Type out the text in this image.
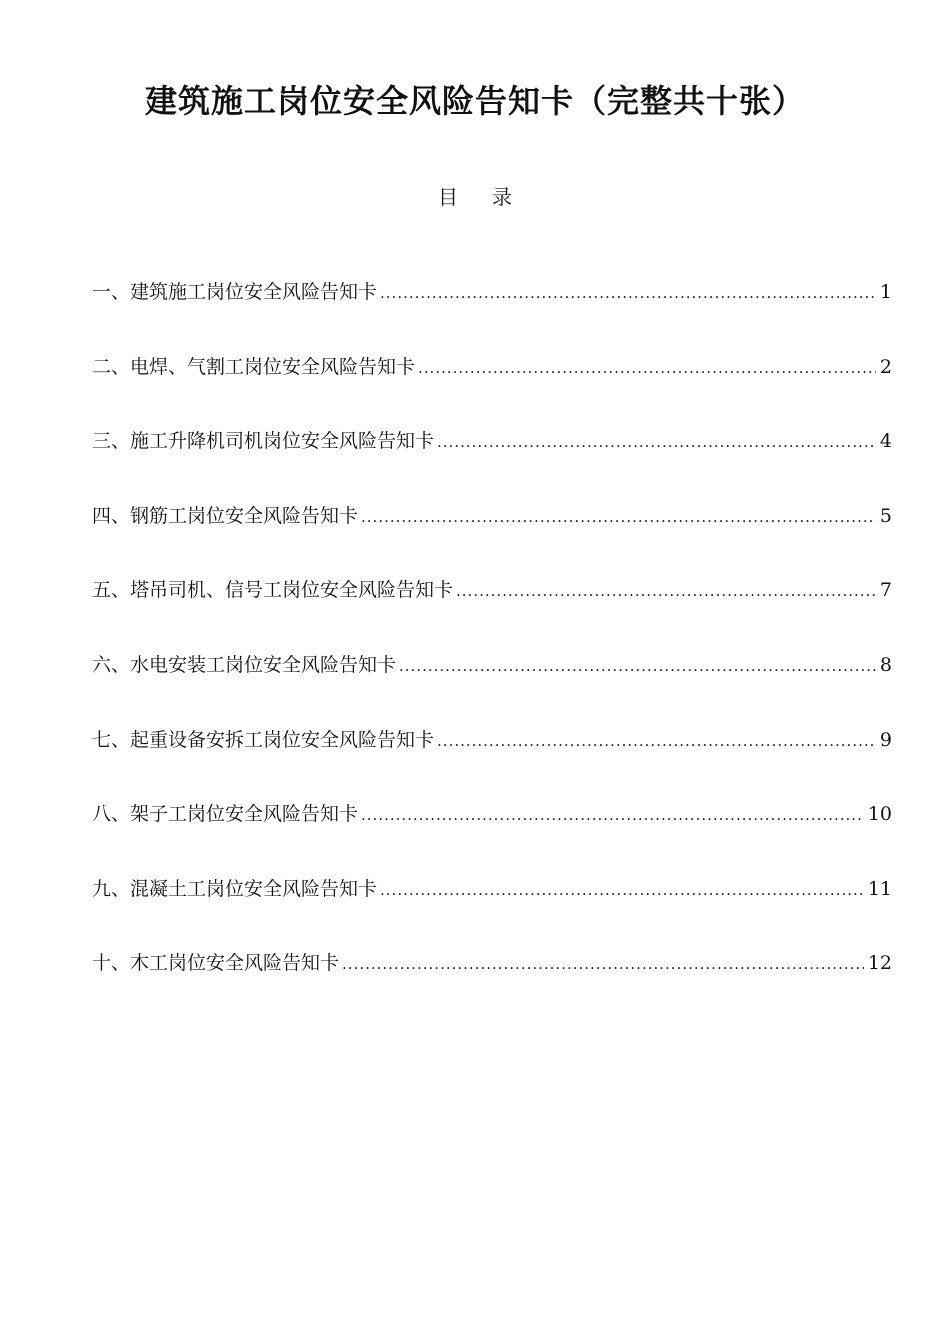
建筑施工岗位安全风险告知卡（完整共十张）
目录
一、建筑施工岗位安全风险告知卡 .....	1
二、电焊、气割工岗位安全风险告知卡 .....	2
三、施工升降机司机岗位安全风险告知卡 .....	4
四、钢筋工岗位安全风险告知卡 .....	5
五、塔吊司机、信号工岗位安全风险告知卡 .....	7
六、水电安装工岗位安全风险告知卡 .....	8
七、起重设备安拆工岗位安全风险告知卡 .....	9
八、架子工岗位安全风险告知卡 .....	10
九、混凝土工岗位安全风险告知卡 .....	11
十、木工岗位安全风险告知卡 .....	12
